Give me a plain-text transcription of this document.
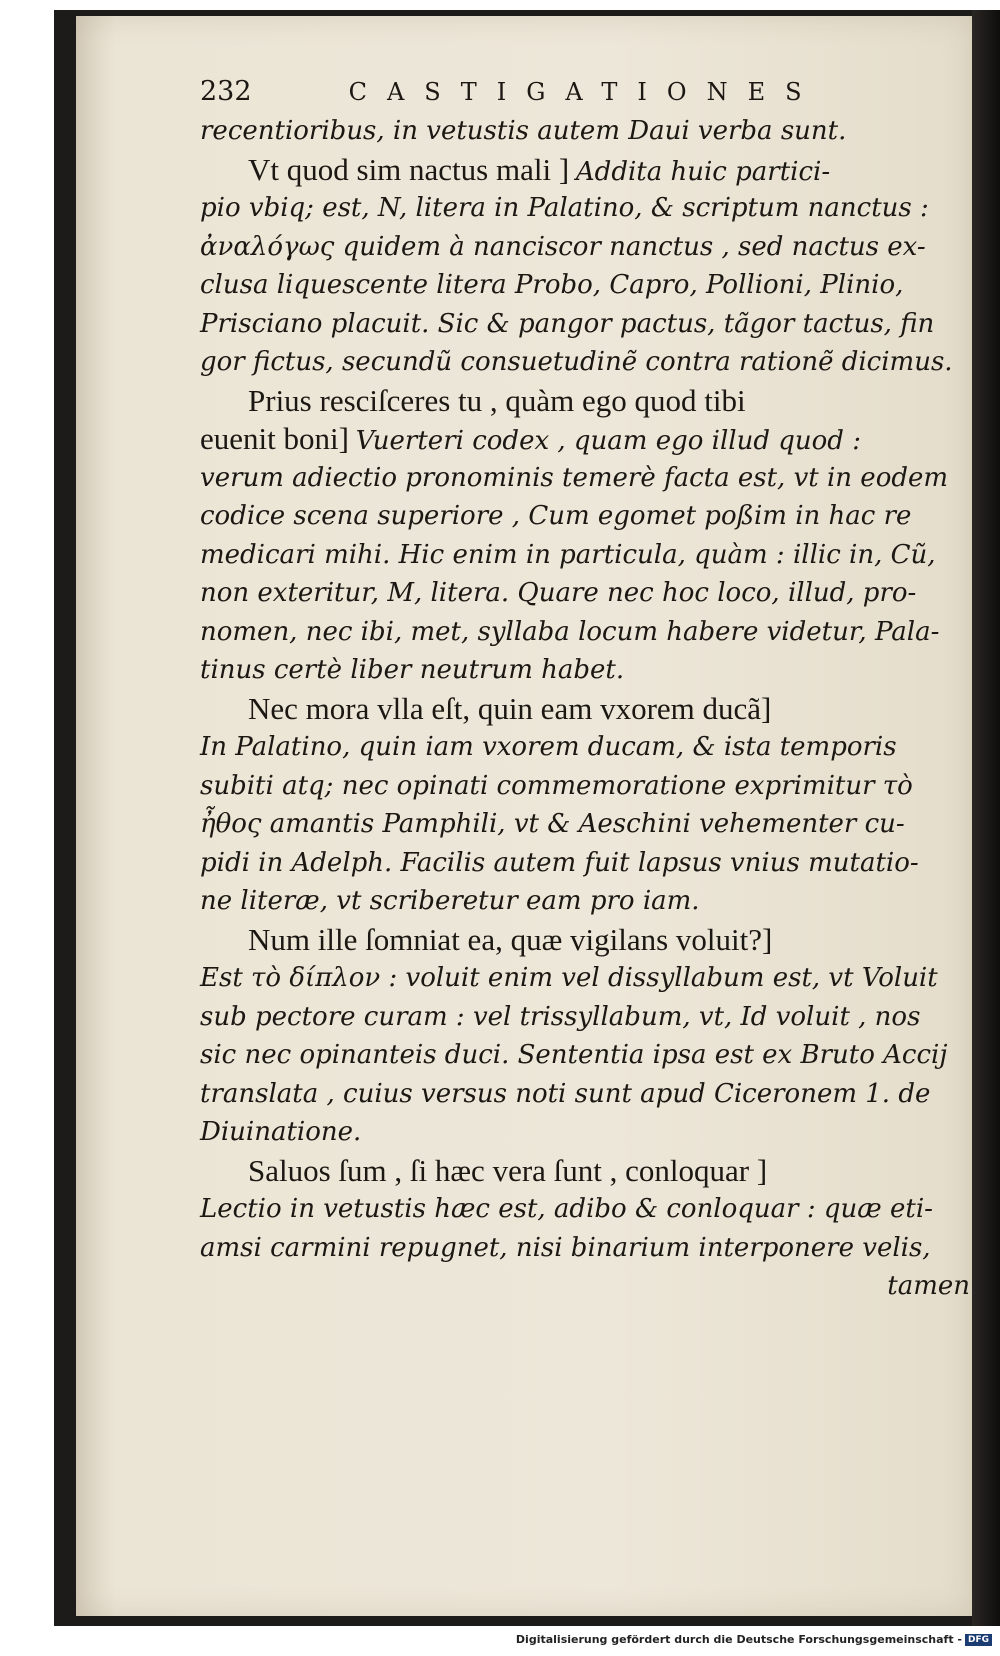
232	CASTIGATIONES
recentioribus, in vetustis autem Daui verba sunt.
Vt quod sim nactus mali ] Addita huic partici-
pio vbiq; est, N, litera in Palatino, & scriptum nanctus :
ἀναλόγως quidem à nanciscor nanctus , sed nactus ex-
clusa liquescente litera Probo, Capro, Pollioni, Plinio,
Prisciano placuit. Sic & pangor pactus, tãgor tactus, fin
gor fictus, secundũ consuetudinẽ contra rationẽ dicimus.
Prius resciſceres tu , quàm ego quod tibi
euenit boni] Vuerteri codex , quam ego illud quod :
verum adiectio pronominis temerè facta est, vt in eodem
codice scena superiore , Cum egomet poßim in hac re
medicari mihi. Hic enim in particula, quàm : illic in, Cũ,
non exteritur, M, litera. Quare nec hoc loco, illud, pro-
nomen, nec ibi, met, syllaba locum habere videtur, Pala-
tinus certè liber neutrum habet.
Nec mora vlla eſt, quin eam vxorem ducã]
In Palatino, quin iam vxorem ducam, & ista temporis
subiti atq; nec opinati commemoratione exprimitur τὸ
ἦθος amantis Pamphili, vt & Aeschini vehementer cu-
pidi in Adelph. Facilis autem fuit lapsus vnius mutatio-
ne literæ, vt scriberetur eam pro iam.
Num ille ſomniat ea, quæ vigilans voluit?]
Est τὸ δίπλον : voluit enim vel dissyllabum est, vt Voluit
sub pectore curam : vel trissyllabum, vt, Id voluit , nos
sic nec opinanteis duci. Sententia ipsa est ex Bruto Accij
translata , cuius versus noti sunt apud Ciceronem 1. de
Diuinatione.
Saluos ſum , ſi hæc vera ſunt , conloquar ]
Lectio in vetustis hæc est, adibo & conloquar : quæ eti-
amsi carmini repugnet, nisi binarium interponere velis,
tamen
Digitalisierung gefördert durch die Deutsche Forschungsgemeinschaft - DFG
